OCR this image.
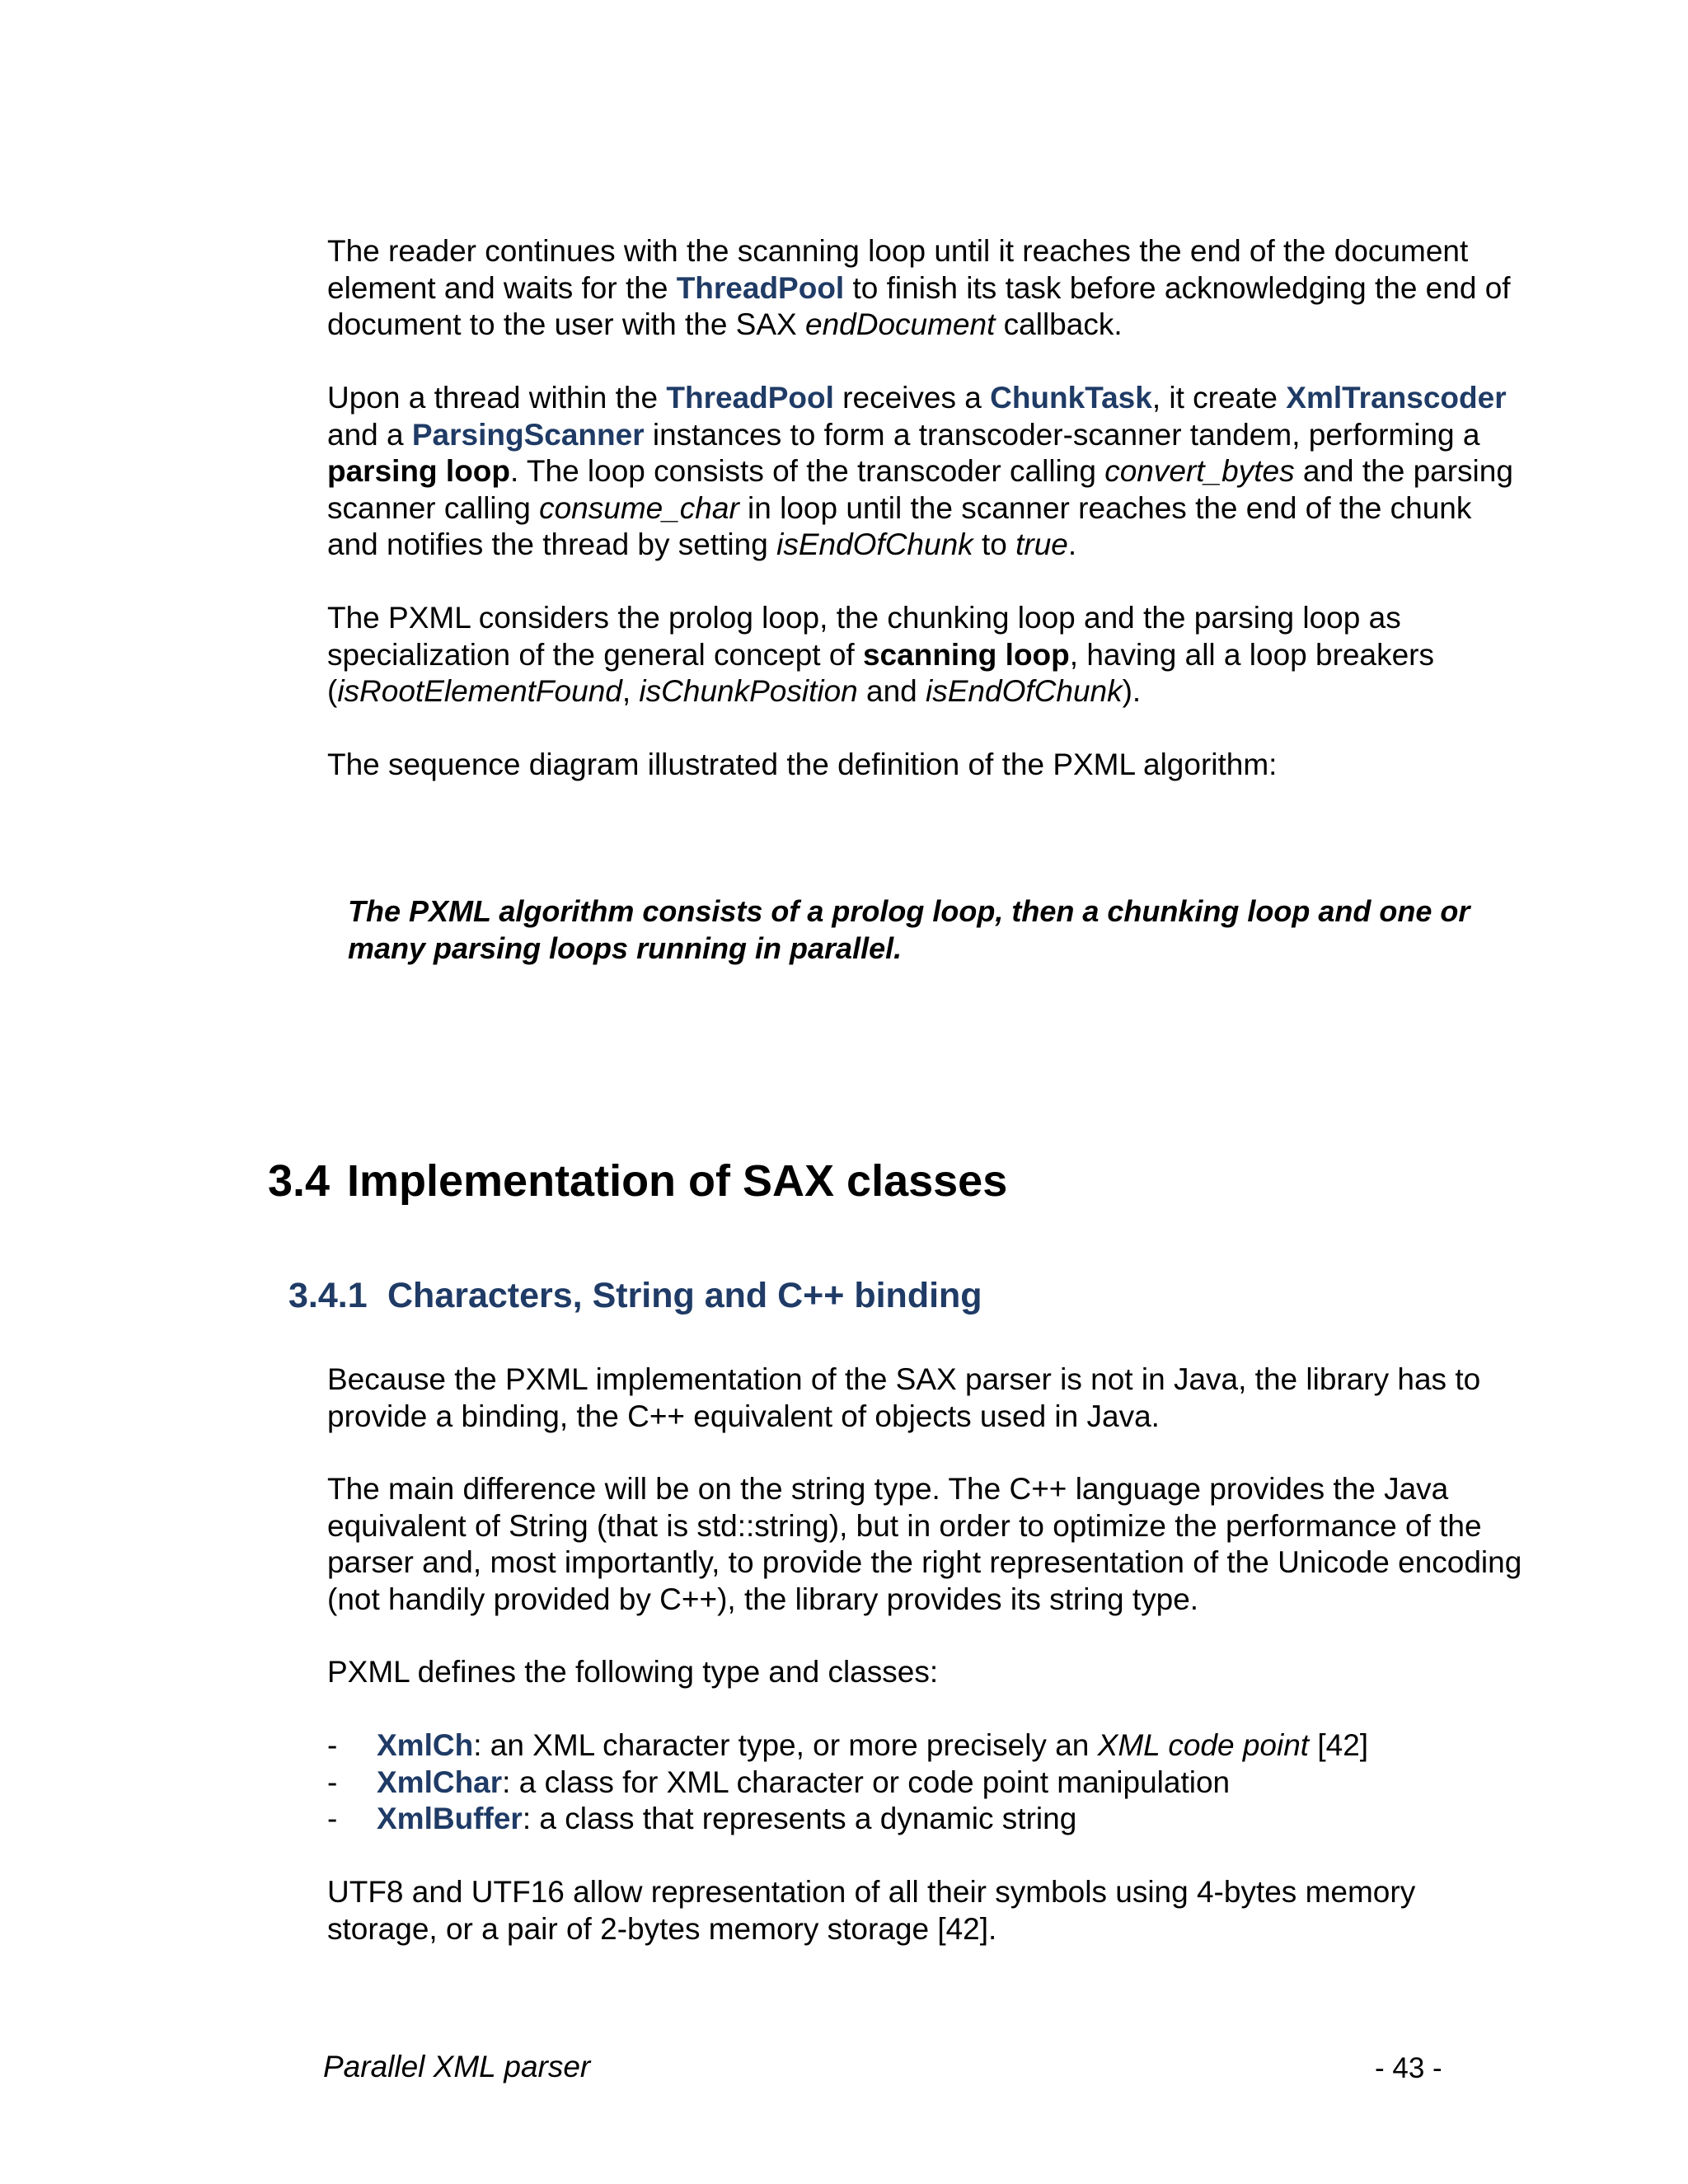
The reader continues with the scanning loop until it reaches the end of the document element and waits for the ThreadPool to finish its task before acknowledging the end of document to the user with the SAX endDocument callback.

Upon a thread within the ThreadPool receives a ChunkTask, it create XmlTranscoder and a ParsingScanner instances to form a transcoder-scanner tandem, performing a parsing loop. The loop consists of the transcoder calling convert_bytes and the parsing scanner calling consume_char in loop until the scanner reaches the end of the chunk and notifies the thread by setting isEndOfChunk to true.

The PXML considers the prolog loop, the chunking loop and the parsing loop as specialization of the general concept of scanning loop, having all a loop breakers (isRootElementFound, isChunkPosition and isEndOfChunk).

The sequence diagram illustrated the definition of the PXML algorithm:

The PXML algorithm consists of a prolog loop, then a chunking loop and one or many parsing loops running in parallel.

3.4 Implementation of SAX classes
3.4.1 Characters, String and C++ binding

Because the PXML implementation of the SAX parser is not in Java, the library has to provide a binding, the C++ equivalent of objects used in Java.

The main difference will be on the string type. The C++ language provides the Java equivalent of String (that is std::string), but in order to optimize the performance of the parser and, most importantly, to provide the right representation of the Unicode encoding (not handily provided by C++), the library provides its string type.

PXML defines the following type and classes:

-	XmlCh: an XML character type, or more precisely an XML code point [42]
-	XmlChar: a class for XML character or code point manipulation
-	XmlBuffer: a class that represents a dynamic string

UTF8 and UTF16 allow representation of all their symbols using 4-bytes memory storage, or a pair of 2-bytes memory storage [42].

Parallel XML parser	- 43 -
